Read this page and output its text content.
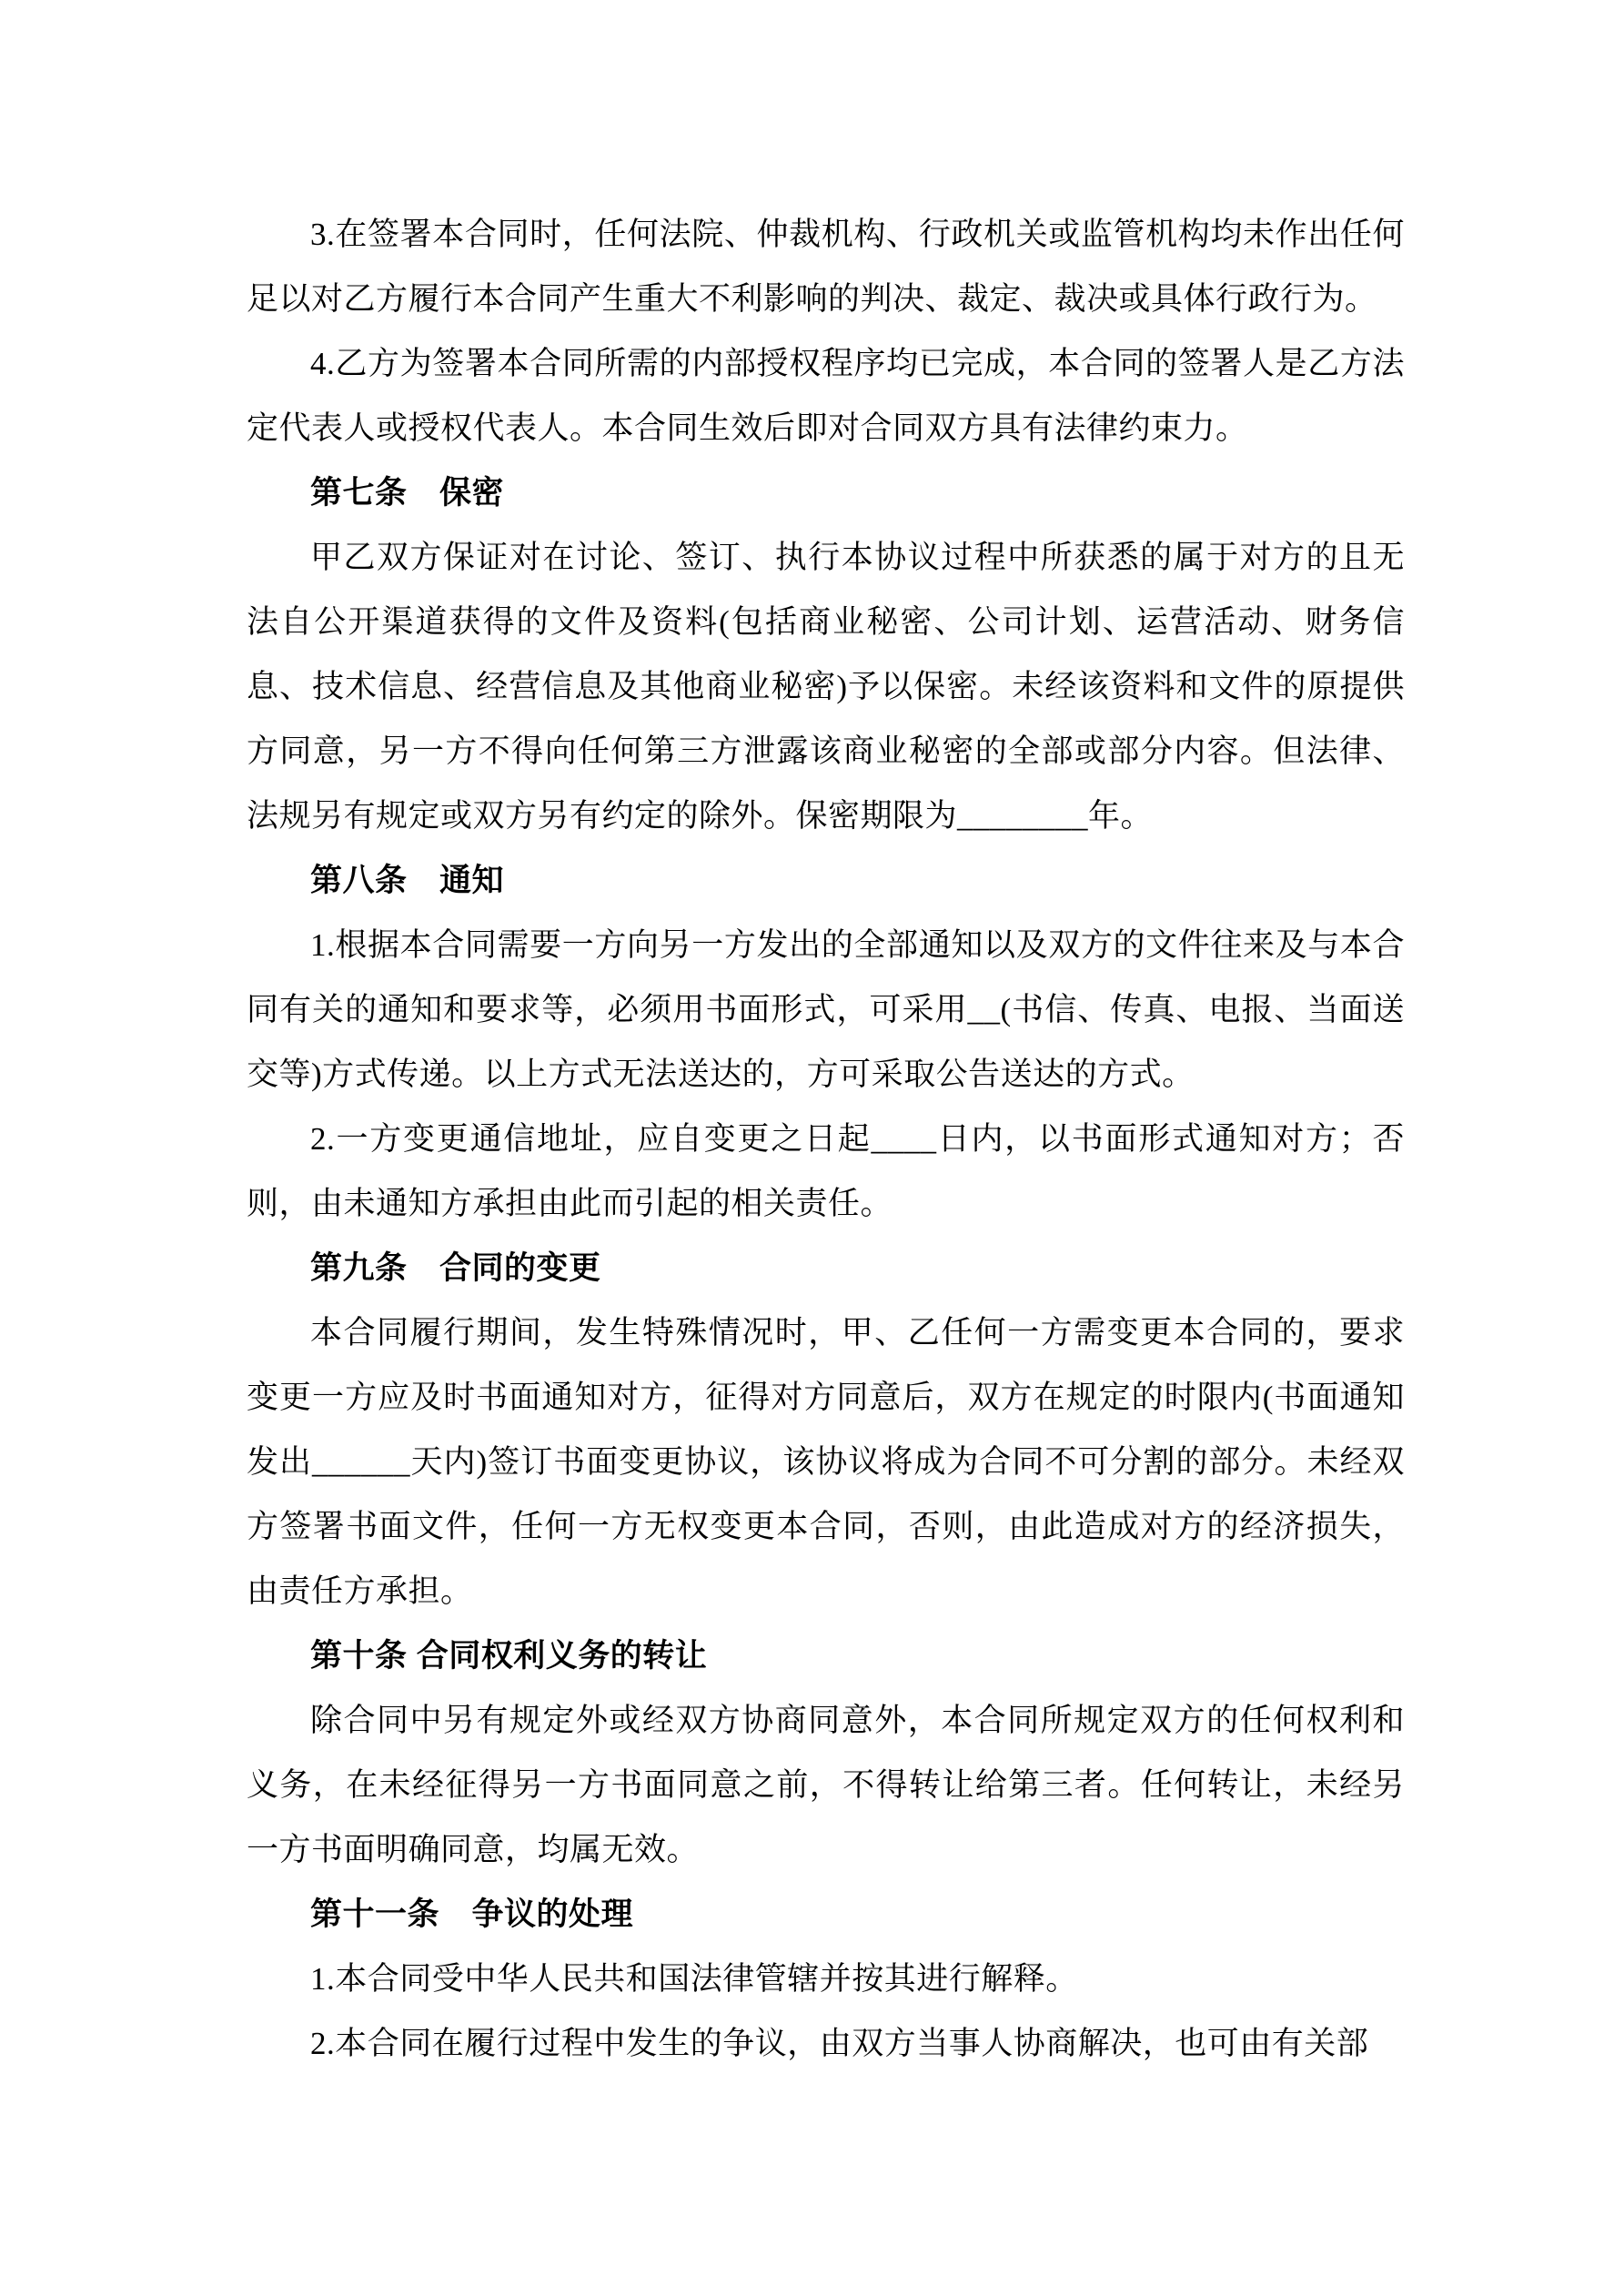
3.在签署本合同时，任何法院、仲裁机构、行政机关或监管机构均未作出任何足以对乙方履行本合同产生重大不利影响的判决、裁定、裁决或具体行政行为。

4.乙方为签署本合同所需的内部授权程序均已完成，本合同的签署人是乙方法定代表人或授权代表人。本合同生效后即对合同双方具有法律约束力。

第七条　保密

甲乙双方保证对在讨论、签订、执行本协议过程中所获悉的属于对方的且无法自公开渠道获得的文件及资料(包括商业秘密、公司计划、运营活动、财务信息、技术信息、经营信息及其他商业秘密)予以保密。未经该资料和文件的原提供方同意，另一方不得向任何第三方泄露该商业秘密的全部或部分内容。但法律、法规另有规定或双方另有约定的除外。保密期限为________年。

第八条　通知

1.根据本合同需要一方向另一方发出的全部通知以及双方的文件往来及与本合同有关的通知和要求等，必须用书面形式，可采用__(书信、传真、电报、当面送交等)方式传递。以上方式无法送达的，方可采取公告送达的方式。

2.一方变更通信地址，应自变更之日起____日内，以书面形式通知对方；否则，由未通知方承担由此而引起的相关责任。

第九条　合同的变更

本合同履行期间，发生特殊情况时，甲、乙任何一方需变更本合同的，要求变更一方应及时书面通知对方，征得对方同意后，双方在规定的时限内(书面通知发出______天内)签订书面变更协议，该协议将成为合同不可分割的部分。未经双方签署书面文件，任何一方无权变更本合同，否则，由此造成对方的经济损失，由责任方承担。

第十条 合同权利义务的转让

除合同中另有规定外或经双方协商同意外，本合同所规定双方的任何权利和义务，在未经征得另一方书面同意之前，不得转让给第三者。任何转让，未经另一方书面明确同意，均属无效。

第十一条　争议的处理

1.本合同受中华人民共和国法律管辖并按其进行解释。

2.本合同在履行过程中发生的争议，由双方当事人协商解决，也可由有关部
